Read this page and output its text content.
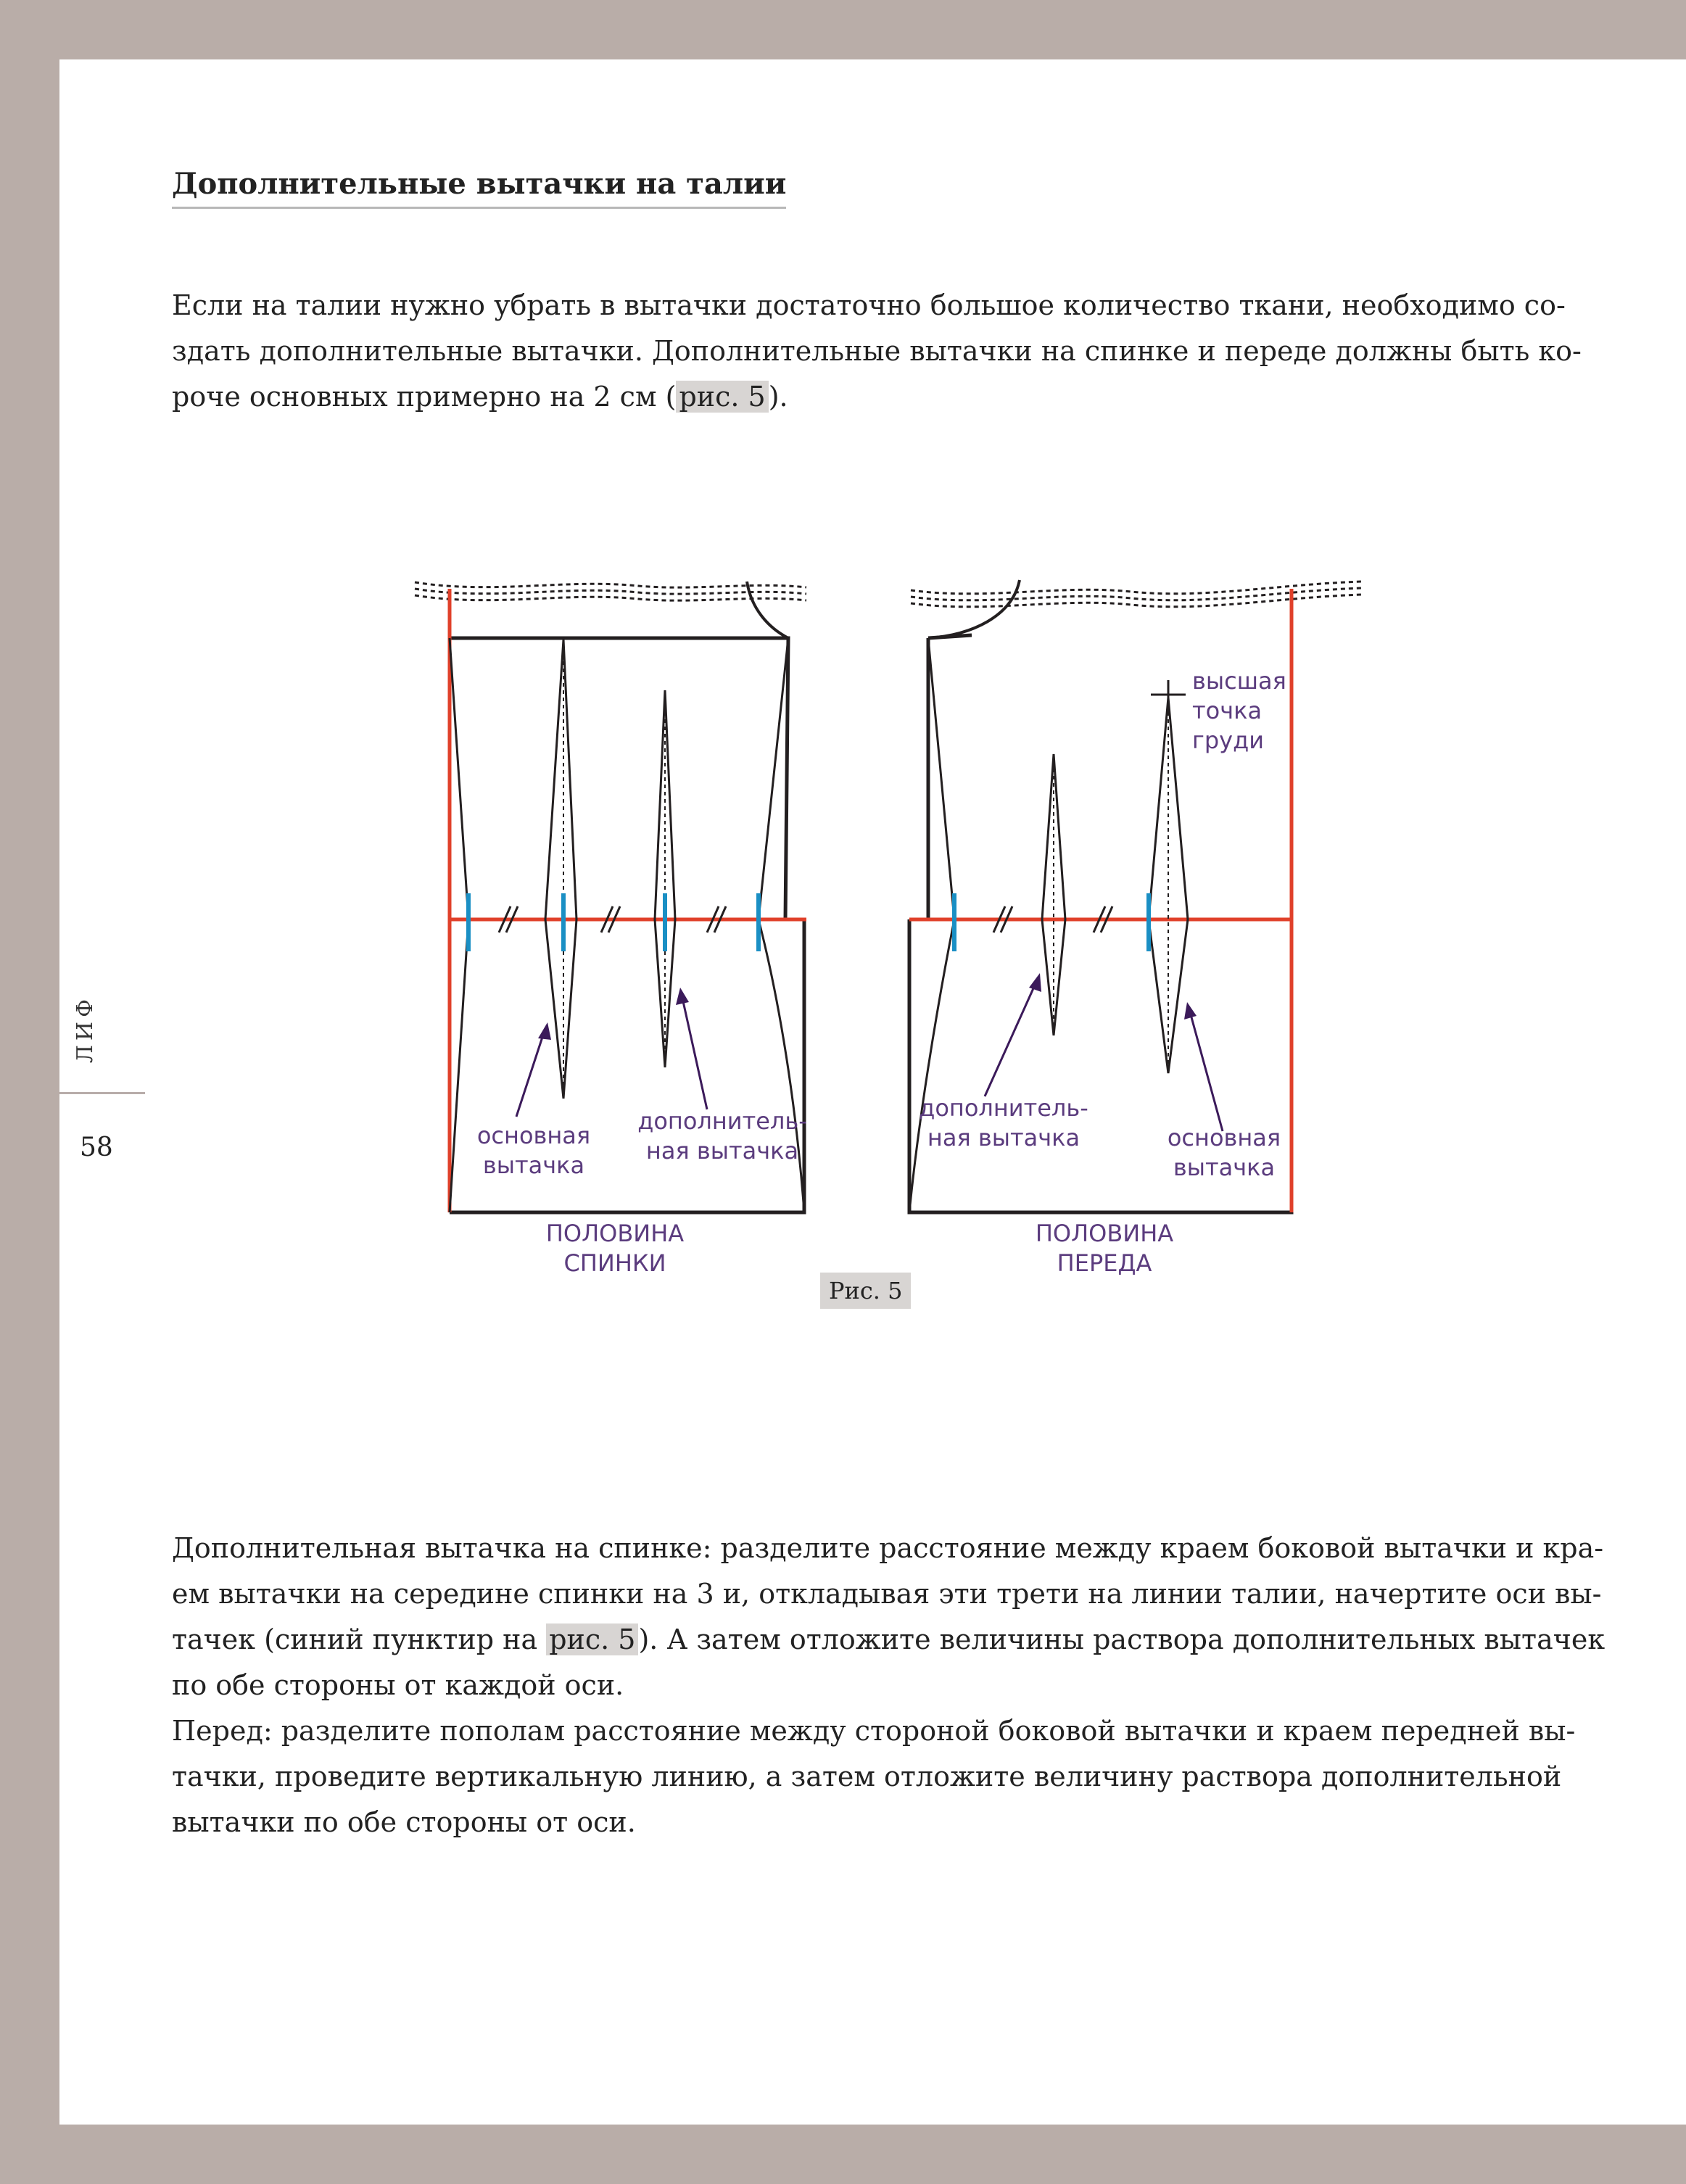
Дополнительные вытачки на талии
Если на талии нужно убрать в вытачки достаточно большое количество ткани, необходимо со-
здать дополнительные вытачки. Дополнительные вытачки на спинке и переде должны быть ко-
роче основных примерно на 2 см ( рис. 5 ).
основная
вытачка
дополнитель-
ная вытачка
ПОЛОВИНА
СПИНКИ
высшая
точка
груди
дополнитель-
ная вытачка	основная
вытачка
ПОЛОВИНА
ПЕРЕДА
Рис. 5
Дополнительная вытачка на спинке: разделите расстояние между краем боковой вытачки и кра-
ем вытачки на середине спинки на 3 и, откладывая эти трети на линии талии, начертите оси вы-
тачек (синий пунктир на рис. 5 ). А затем отложите величины раствора дополнительных вытачек
по обе стороны от каждой оси.
Перед: разделите пополам расстояние между стороной боковой вытачки и краем передней вы-
тачки, проведите вертикальную линию, а затем отложите величину раствора дополнительной
вытачки по обе стороны от оси.
ЛИФ
58
